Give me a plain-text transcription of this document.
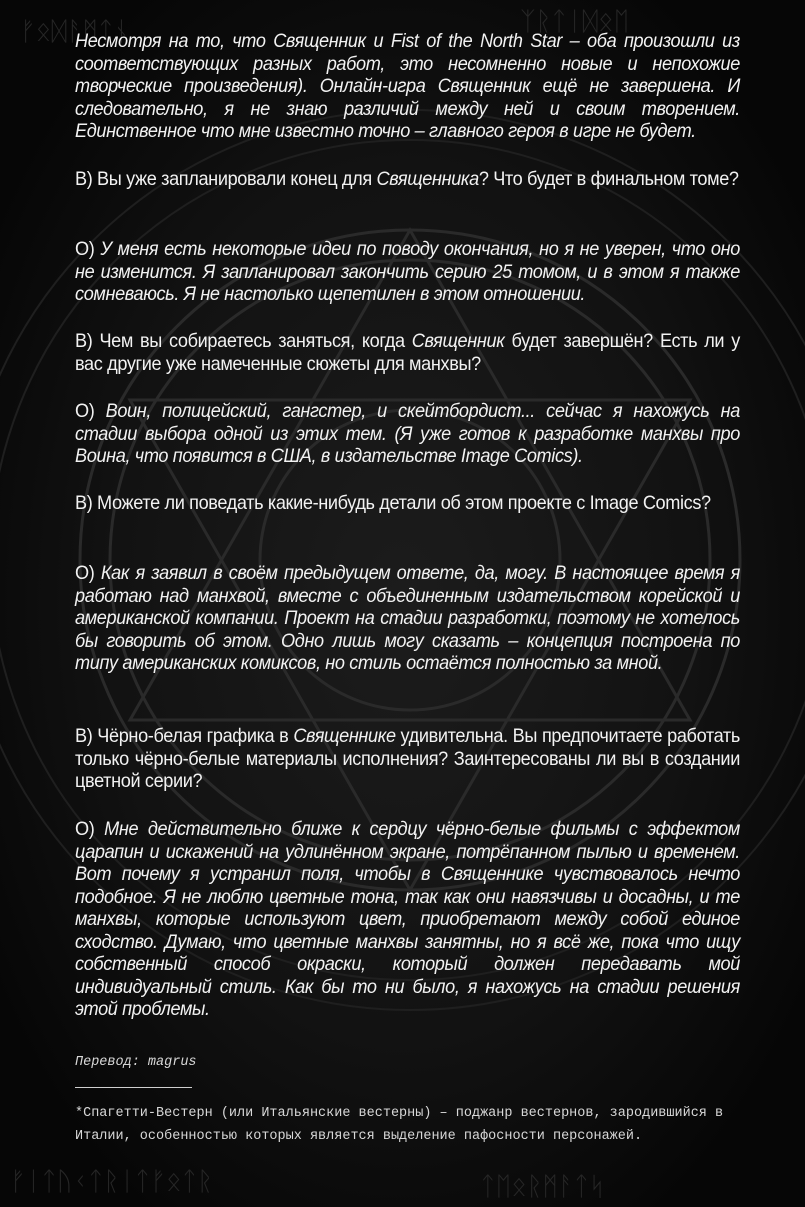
ᚠᛟᛞᚨᛗᛏᚾ	ᛉᚱᛏᛁᛞᛟᛖ
ᚠᛁᛏᚢᚲᛏᚱᛁᛏᚠᛟᛏᚱ	ᛏᛖᛟᚱᛗᚨᛏᛋ
Несмотря на то, что Священник и Fist of the North Star – оба произошли из соответствующих разных работ, это несомненно новые и непохожие творческие произведения). Онлайн-игра Священник ещё не завершена. И следовательно, я не знаю различий между ней и своим творением. Единственное что мне известно точно – главного героя в игре не будет.
В) Вы уже запланировали конец для Священника? Что будет в финальном томе?
О) У меня есть некоторые идеи по поводу окончания, но я не уверен, что оно не изменится. Я запланировал закончить серию 25 томом, и в этом я также сомневаюсь. Я не настолько щепетилен в этом отношении.
В) Чем вы собираетесь заняться, когда Священник будет завершён? Есть ли у вас другие уже намеченные сюжеты для манхвы?
О) Воин, полицейский, гангстер, и скейтбордист... сейчас я нахожусь на стадии выбора одной из этих тем. (Я уже готов к разработке манхвы про Воина, что появится в США, в издательстве Image Comics).
В) Можете ли поведать какие-нибудь детали об этом проекте с Image Comics?
О) Как я заявил в своём предыдущем ответе, да, могу. В настоящее время я работаю над манхвой, вместе с объединенным издательством корейской и американской компании. Проект на стадии разработки, поэтому не хотелось бы говорить об этом. Одно лишь могу сказать – концепция построена по типу американских комиксов, но стиль остаётся полностью за мной.
В) Чёрно-белая графика в Священнике удивительна. Вы предпочитаете работать только чёрно-белые материалы исполнения? Заинтересованы ли вы в создании цветной серии?
О) Мне действительно ближе к сердцу чёрно-белые фильмы с эффектом царапин и искажений на удлинённом экране, потрёпанном пылью и временем. Вот почему я устранил поля, чтобы в Священнике чувствовалось нечто подобное. Я не люблю цветные тона, так как они навязчивы и досадны, и те манхвы, которые используют цвет, приобретают между собой единое сходство. Думаю, что цветные манхвы занятны, но я всё же, пока что ищу собственный способ окраски, который должен передавать мой индивидуальный стиль. Как бы то ни было, я нахожусь на стадии решения этой проблемы.
Перевод: magrus
*Спагетти-Вестерн (или Итальянские вестерны) – поджанр вестернов, зародившийся в Италии, особенностью которых является выделение пафосности персонажей.
